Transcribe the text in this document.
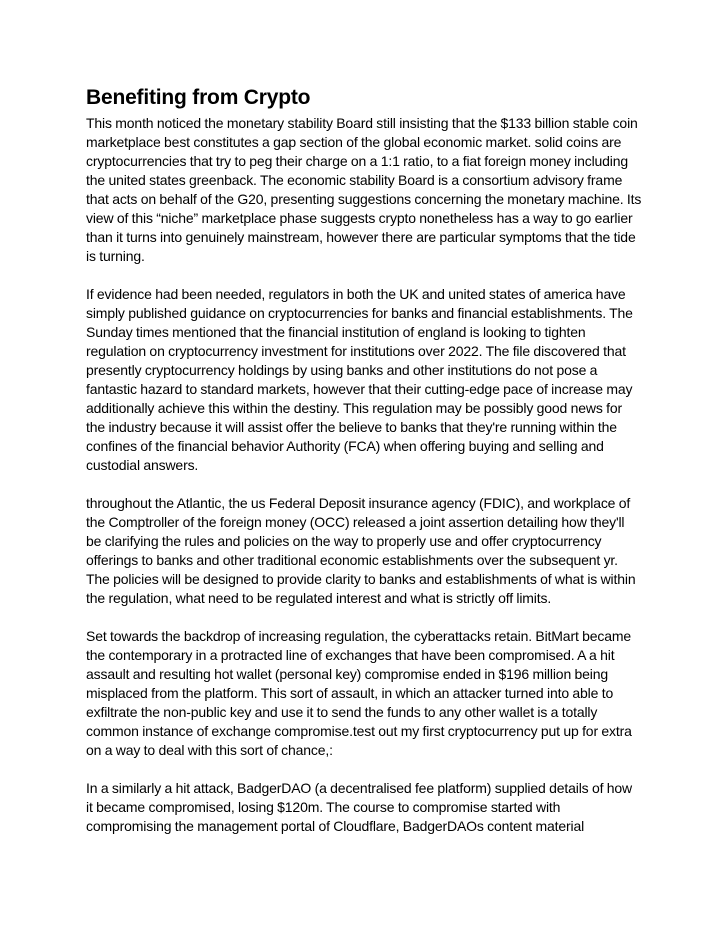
Benefiting from Crypto

This month noticed the monetary stability Board still insisting that the $133 billion stable coin marketplace best constitutes a gap section of the global economic market. solid coins are cryptocurrencies that try to peg their charge on a 1:1 ratio, to a fiat foreign money including the united states greenback. The economic stability Board is a consortium advisory frame that acts on behalf of the G20, presenting suggestions concerning the monetary machine. Its view of this “niche” marketplace phase suggests crypto nonetheless has a way to go earlier than it turns into genuinely mainstream, however there are particular symptoms that the tide is turning.

If evidence had been needed, regulators in both the UK and united states of america have simply published guidance on cryptocurrencies for banks and financial establishments. The Sunday times mentioned that the financial institution of england is looking to tighten regulation on cryptocurrency investment for institutions over 2022. The file discovered that presently cryptocurrency holdings by using banks and other institutions do not pose a fantastic hazard to standard markets, however that their cutting-edge pace of increase may additionally achieve this within the destiny. This regulation may be possibly good news for the industry because it will assist offer the believe to banks that they're running within the confines of the financial behavior Authority (FCA) when offering buying and selling and custodial answers.

throughout the Atlantic, the us Federal Deposit insurance agency (FDIC), and workplace of the Comptroller of the foreign money (OCC) released a joint assertion detailing how they'll be clarifying the rules and policies on the way to properly use and offer cryptocurrency offerings to banks and other traditional economic establishments over the subsequent yr. The policies will be designed to provide clarity to banks and establishments of what is within the regulation, what need to be regulated interest and what is strictly off limits.

Set towards the backdrop of increasing regulation, the cyberattacks retain. BitMart became the contemporary in a protracted line of exchanges that have been compromised. A a hit assault and resulting hot wallet (personal key) compromise ended in $196 million being misplaced from the platform. This sort of assault, in which an attacker turned into able to exfiltrate the non-public key and use it to send the funds to any other wallet is a totally common instance of exchange compromise.test out my first cryptocurrency put up for extra on a way to deal with this sort of chance,:

In a similarly a hit attack, BadgerDAO (a decentralised fee platform) supplied details of how it became compromised, losing $120m. The course to compromise started with compromising the management portal of Cloudflare, BadgerDAOs content material
